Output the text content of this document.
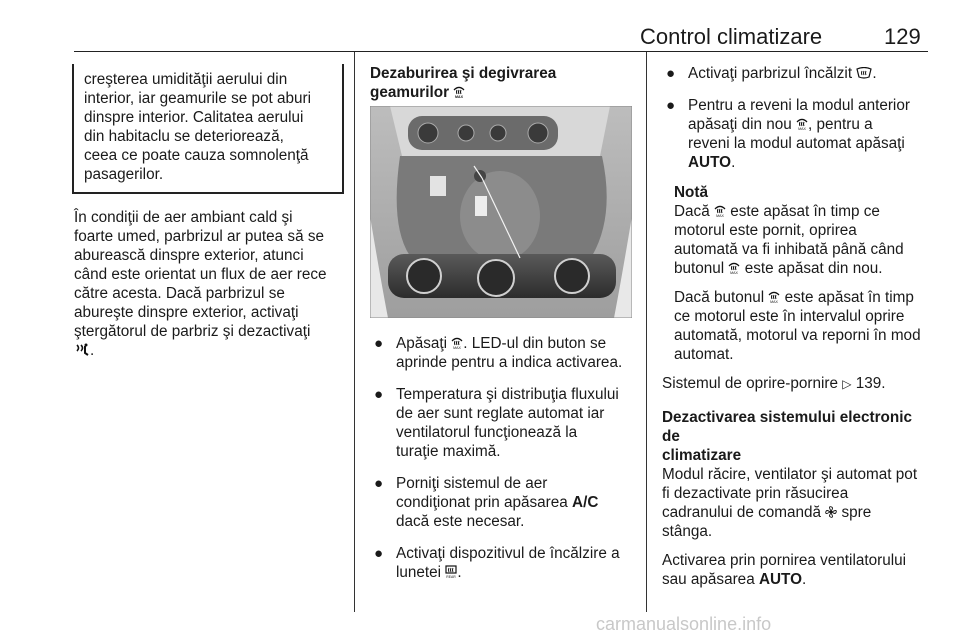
Control climatizare	129

creşterea umidităţii aerului din

interior, iar geamurile se pot aburi

dinspre interior. Calitatea aerului

din habitaclu se deteriorează,

ceea ce poate cauza somnolenţă

pasagerilor.

În condiţii de aer ambiant cald şi

foarte umed, parbrizul ar putea să se

aburească dinspre exterior, atunci

când este orientat un flux de aer rece

către acesta. Dacă parbrizul se

abureşte dinspre exterior, activaţi

ştergătorul de parbriz şi dezactivaţi

.

Dezaburirea şi degivrarea
geamurilor MAX
● Apăsaţi MAX . LED-ul din buton se
aprinde pentru a indica activarea.
● Temperatura şi distribuţia fluxului
de aer sunt reglate automat iar
ventilatorul funcţionează la
turaţie maximă.
● Porniţi sistemul de aer
condiţionat prin apăsarea A/C
dacă este necesar.
● Activaţi dispozitivul de încălzire a
lunetei REAR .
● Activaţi parbrizul încălzit .
● Pentru a reveni la modul anterior
apăsaţi din nou MAX , pentru a
reveni la modul automat apăsaţi
AUTO.

Notă

Dacă MAX este apăsat în timp ce
motorul este pornit, oprirea
automată va fi inhibată până când
butonul MAX este apăsat din nou.

Dacă butonul MAX este apăsat în timp
ce motorul este în intervalul oprire
automată, motorul va reporni în mod
automat.

Sistemul de oprire-pornire ▷ 139.

Dezactivarea sistemului electronic de
climatizare

Modul răcire, ventilator şi automat pot
fi dezactivate prin răsucirea
cadranului de comandă spre
stânga.

Activarea prin pornirea ventilatorului
sau apăsarea AUTO.

carmanualsonline.info
